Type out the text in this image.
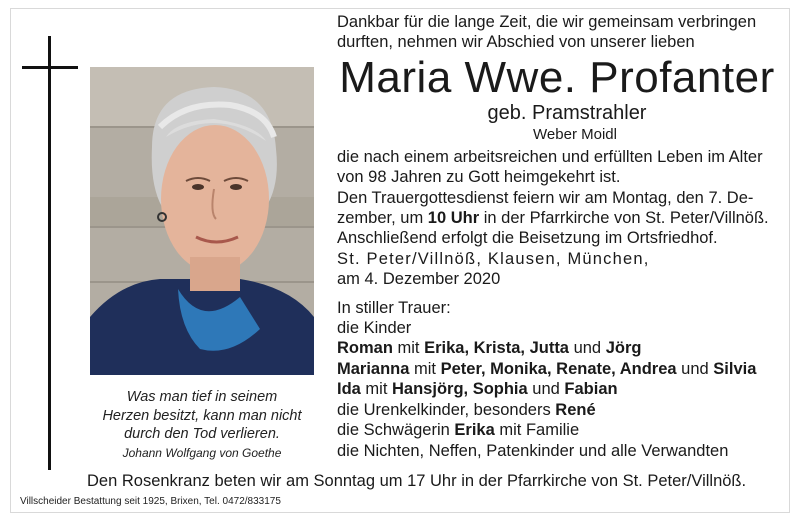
Was man tief in seinem
Herzen besitzt, kann man nicht
durch den Tod verlieren.
Johann Wolfgang von Goethe
Dankbar für die lange Zeit, die wir gemeinsam verbringen
durften, nehmen wir Abschied von unserer lieben
Maria Wwe. Profanter
geb. Pramstrahler
Weber Moidl
die nach einem arbeitsreichen und erfüllten Leben im Alter
von 98 Jahren zu Gott heimgekehrt ist.
Den Trauergottesdienst feiern wir am Montag, den 7. De-
zember, um 10 Uhr in der Pfarrkirche von St. Peter/Villnöß.
Anschließend erfolgt die Beisetzung im Ortsfriedhof.
St. Peter/Villnöß, Klausen, München,
am 4. Dezember 2020
In stiller Trauer:
die Kinder
Roman mit Erika, Krista, Jutta und Jörg
Marianna mit Peter, Monika, Renate, Andrea und Silvia
Ida mit Hansjörg, Sophia und Fabian
die Urenkelkinder, besonders René
die Schwägerin Erika mit Familie
die Nichten, Neffen, Patenkinder und alle Verwandten
Den Rosenkranz beten wir am Sonntag um 17 Uhr in der Pfarrkirche von St. Peter/Villnöß.
Villscheider Bestattung seit 1925, Brixen, Tel. 0472/833175
